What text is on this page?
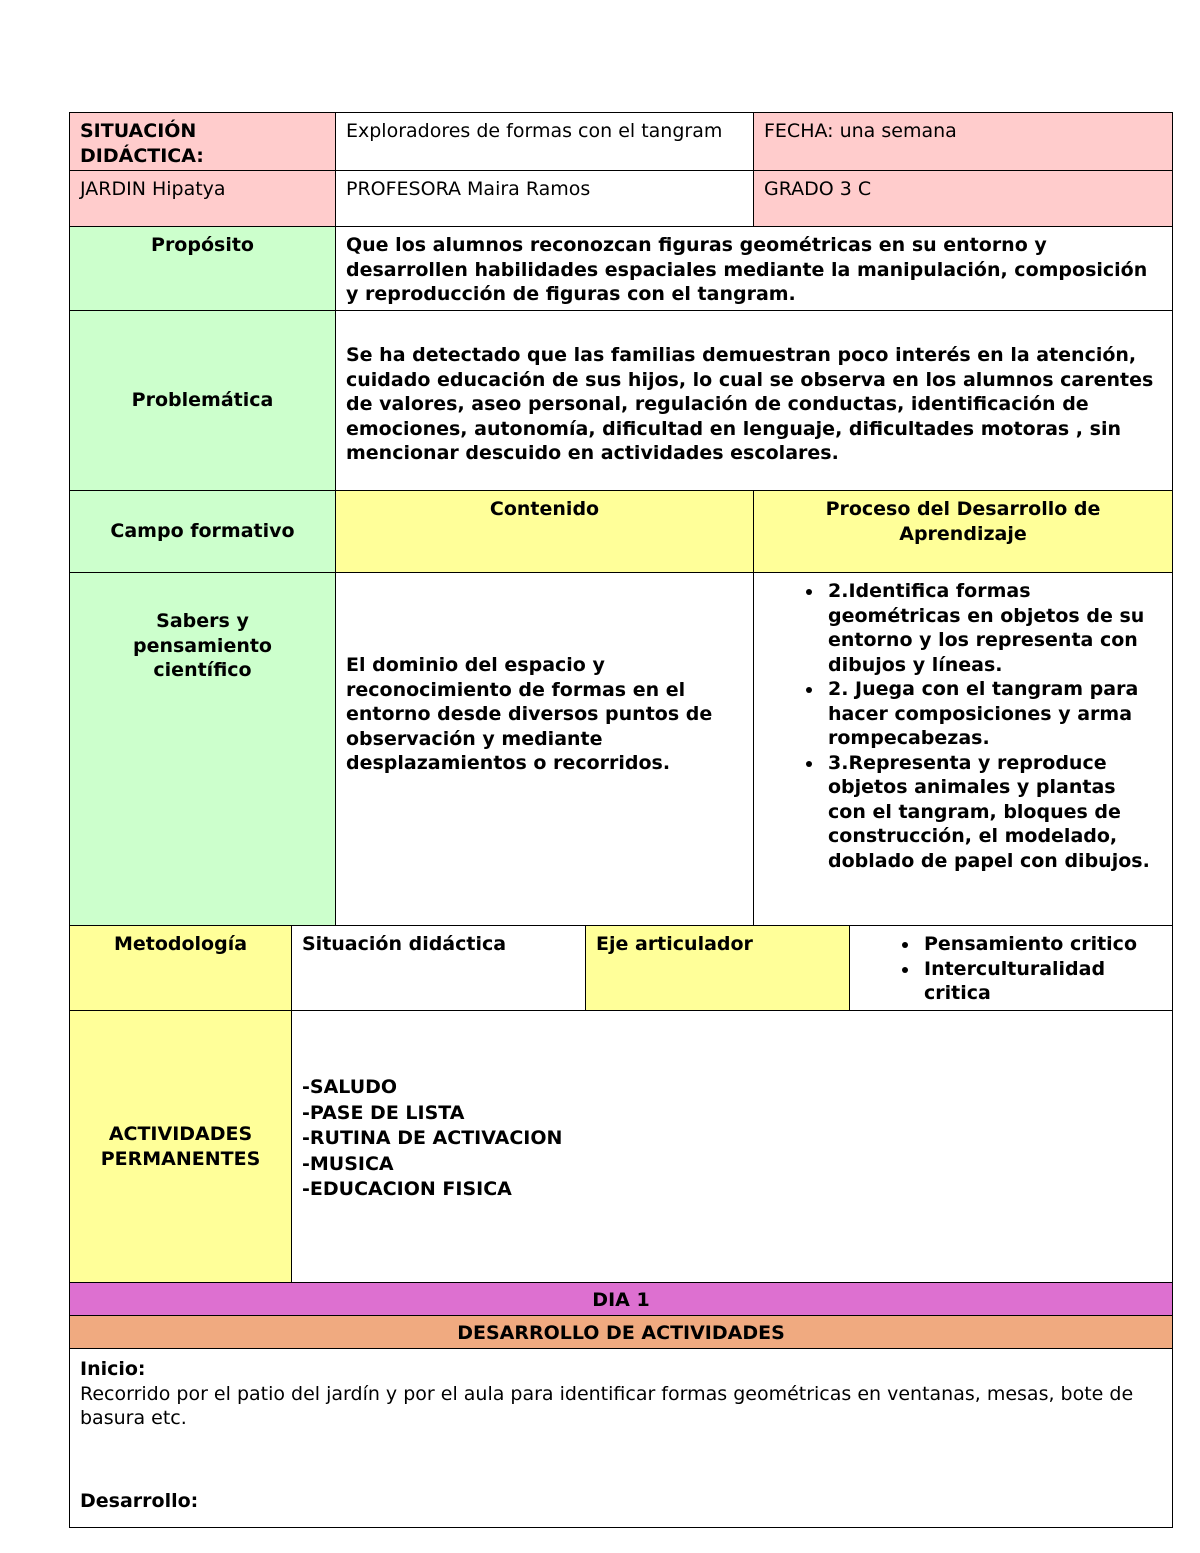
SITUACIÓN DIDÁCTICA:
Exploradores de formas con el tangram	FECHA: una semana
JARDIN Hipatya	PROFESORA Maira Ramos	GRADO 3 C
Propósito	Que los alumnos reconozcan figuras geométricas en su entorno y desarrollen habilidades espaciales mediante la manipulación, composición y reproducción de figuras con el tangram.
Problemática
Se ha detectado que las familias demuestran poco interés en la atención, cuidado educación de sus hijos, lo cual se observa en los alumnos carentes de valores, aseo personal, regulación de conductas, identificación de emociones, autonomía, dificultad en lenguaje, dificultades motoras , sin mencionar descuido en actividades escolares.
Campo formativo
Contenido	Proceso del Desarrollo de Aprendizaje
Sabers y pensamiento científico	El dominio del espacio y reconocimiento de formas en el entorno desde diversos puntos de observación y mediante desplazamientos o recorridos.
• 2.Identifica formas geométricas en objetos de su entorno y los representa con dibujos y líneas.
• 2. Juega con el tangram para hacer composiciones y arma rompecabezas.
• 3.Representa y reproduce objetos animales y plantas con el tangram, bloques de construcción, el modelado, doblado de papel con dibujos.
Metodología	Situación didáctica	Eje articulador
•	Pensamiento critico
• Interculturalidad critica
ACTIVIDADES PERMANENTES
-SALUDO
-PASE DE LISTA
-RUTINA DE ACTIVACION
-MUSICA
-EDUCACION FISICA
DIA 1
DESARROLLO DE ACTIVIDADES
Inicio:
Recorrido por el patio del jardín y por el aula para identificar formas geométricas en ventanas, mesas, bote de basura etc.
Desarrollo:
